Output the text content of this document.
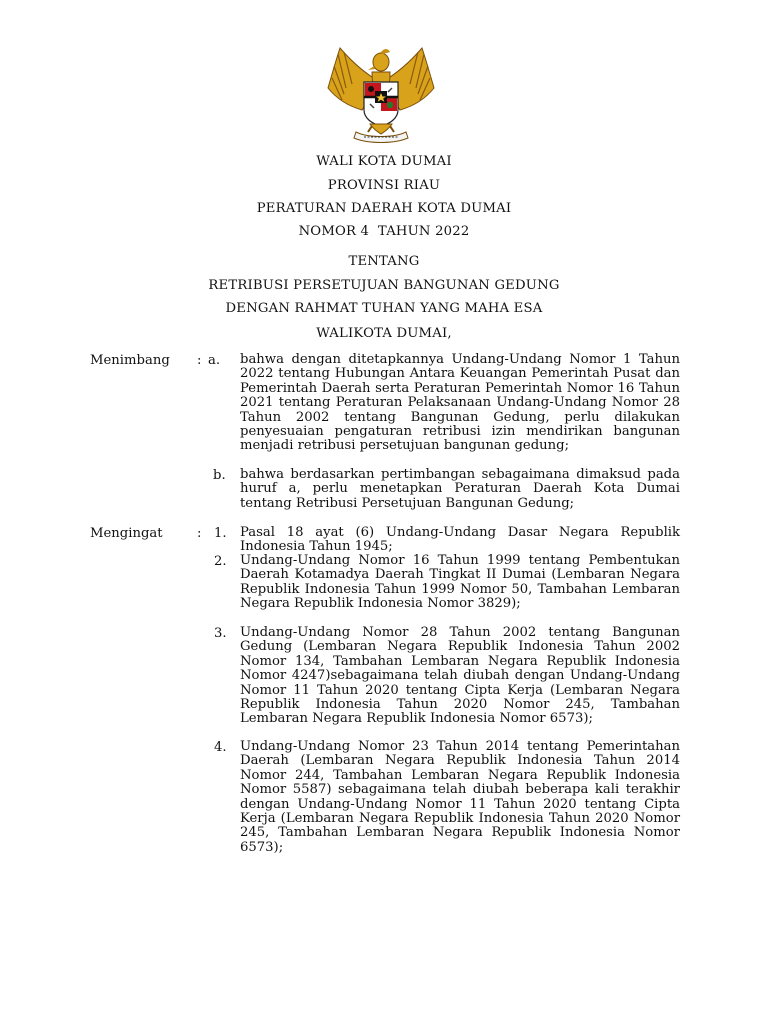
WALI KOTA DUMAI
PROVINSI RIAU
PERATURAN DAERAH KOTA DUMAI
NOMOR 4  TAHUN 2022
TENTANG
RETRIBUSI PERSETUJUAN BANGUNAN GEDUNG
DENGAN RAHMAT TUHAN YANG MAHA ESA
WALIKOTA DUMAI,
Menimbang : a. bahwa dengan ditetapkannya Undang-Undang Nomor 1 Tahun 2022 tentang Hubungan Antara Keuangan Pemerintah Pusat dan Pemerintah Daerah serta Peraturan Pemerintah Nomor 16 Tahun 2021 tentang Peraturan Pelaksanaan Undang-Undang Nomor 28 Tahun 2002 tentang Bangunan Gedung, perlu dilakukan penyesuaian pengaturan retribusi izin mendirikan bangunan menjadi retribusi persetujuan bangunan gedung;
b. bahwa berdasarkan pertimbangan sebagaimana dimaksud pada huruf a, perlu menetapkan Peraturan Daerah Kota Dumai tentang Retribusi Persetujuan Bangunan Gedung;
Mengingat	: 1. Pasal 18 ayat (6) Undang-Undang Dasar Negara Republik Indonesia Tahun 1945;
2. Undang-Undang Nomor 16 Tahun 1999 tentang Pembentukan Daerah Kotamadya Daerah Tingkat II Dumai (Lembaran Negara Republik Indonesia Tahun 1999 Nomor 50, Tambahan Lembaran Negara Republik Indonesia Nomor 3829);
3. Undang-Undang Nomor 28 Tahun 2002 tentang Bangunan Gedung (Lembaran Negara Republik Indonesia Tahun 2002 Nomor 134, Tambahan Lembaran Negara Republik Indonesia Nomor 4247)sebagaimana telah diubah dengan Undang-Undang Nomor 11 Tahun 2020 tentang Cipta Kerja (Lembaran Negara Republik Indonesia Tahun 2020 Nomor 245, Tambahan Lembaran Negara Republik Indonesia Nomor 6573);
4. Undang-Undang Nomor 23 Tahun 2014 tentang Pemerintahan Daerah (Lembaran Negara Republik Indonesia Tahun 2014 Nomor 244, Tambahan Lembaran Negara Republik Indonesia Nomor 5587) sebagaimana telah diubah beberapa kali terakhir dengan Undang-Undang Nomor 11 Tahun 2020 tentang Cipta Kerja (Lembaran Negara Republik Indonesia Tahun 2020 Nomor 245, Tambahan Lembaran Negara Republik Indonesia Nomor 6573);
